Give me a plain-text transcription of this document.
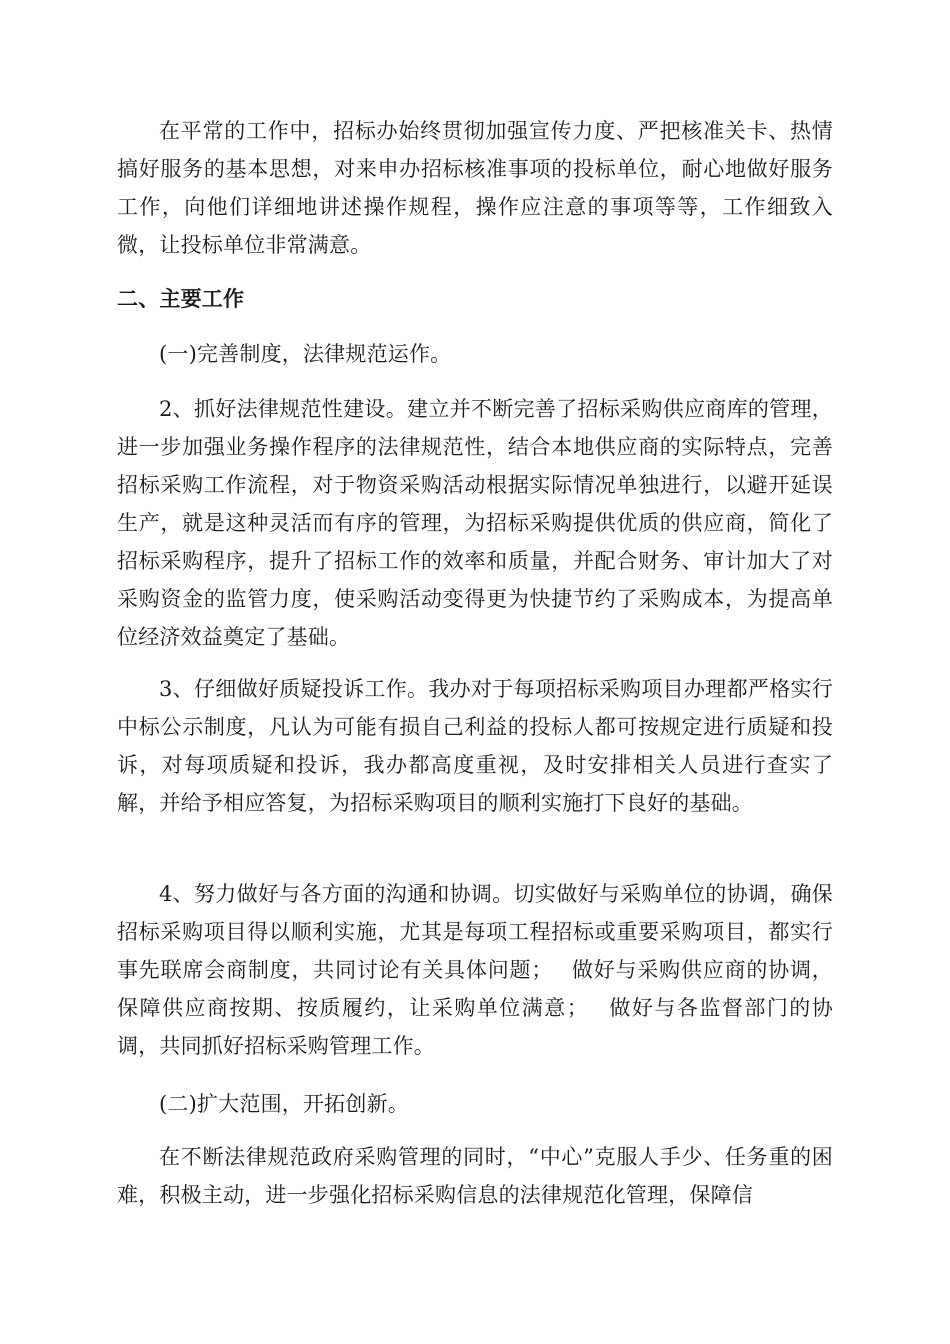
在平常的工作中，招标办始终贯彻加强宣传力度、严把核准关卡、热情搞好服务的基本思想，对来申办招标核准事项的投标单位，耐心地做好服务工作，向他们详细地讲述操作规程，操作应注意的事项等等，工作细致入微，让投标单位非常满意。

二、主要工作

(一)完善制度，法律规范运作。

2、抓好法律规范性建设。建立并不断完善了招标采购供应商库的管理，进一步加强业务操作程序的法律规范性，结合本地供应商的实际特点，完善招标采购工作流程，对于物资采购活动根据实际情况单独进行，以避开延误生产，就是这种灵活而有序的管理，为招标采购提供优质的供应商，简化了招标采购程序，提升了招标工作的效率和质量，并配合财务、审计加大了对采购资金的监管力度，使采购活动变得更为快捷节约了采购成本，为提高单位经济效益奠定了基础。

3、仔细做好质疑投诉工作。我办对于每项招标采购项目办理都严格实行中标公示制度，凡认为可能有损自己利益的投标人都可按规定进行质疑和投诉，对每项质疑和投诉，我办都高度重视，及时安排相关人员进行查实了解，并给予相应答复，为招标采购项目的顺利实施打下良好的基础。

4、努力做好与各方面的沟通和协调。切实做好与采购单位的协调，确保招标采购项目得以顺利实施，尤其是每项工程招标或重要采购项目，都实行事先联席会商制度，共同讨论有关具体问题；　 做好与采购供应商的协调，保障供应商按期、按质履约，让采购单位满意；　 做好与各监督部门的协调，共同抓好招标采购管理工作。

(二)扩大范围，开拓创新。

在不断法律规范政府采购管理的同时，“中心”克服人手少、任务重的困难，积极主动，进一步强化招标采购信息的法律规范化管理，保障信
